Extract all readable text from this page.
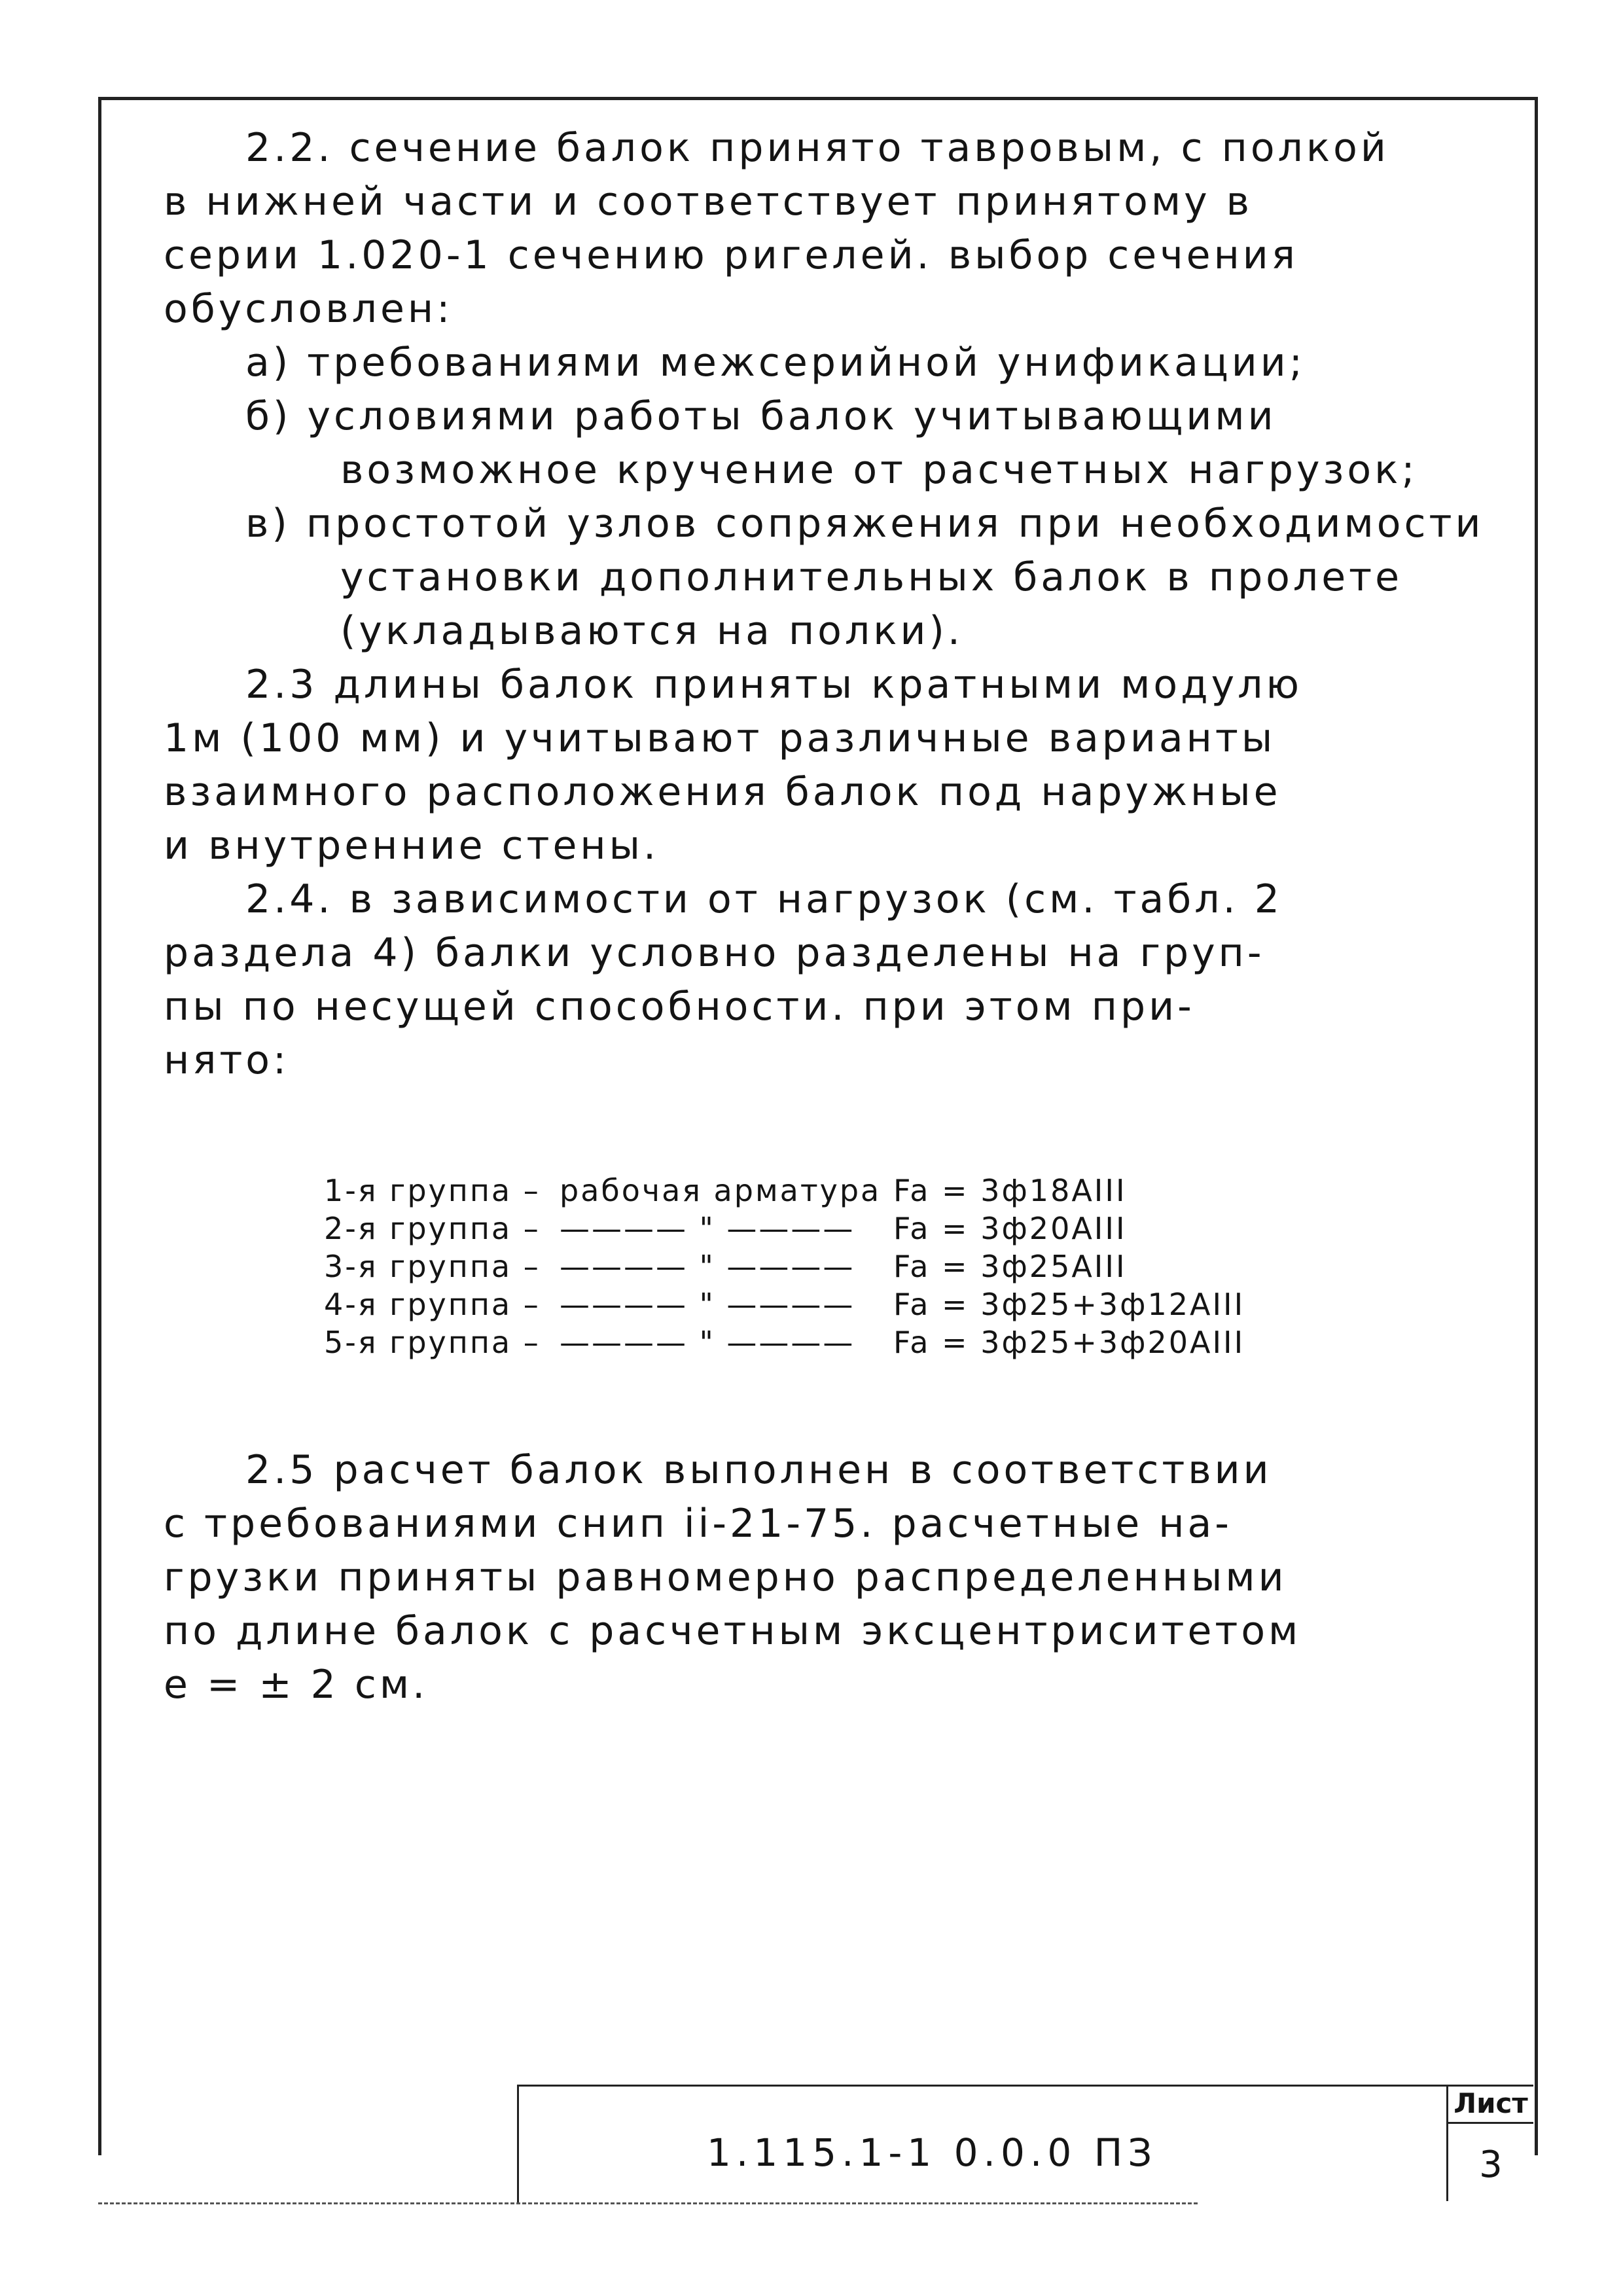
2.2. сечение балок принято тавровым, с полкой

в нижней части и соответствует принятому в

серии 1.020-1 сечению ригелей. выбор сечения

обусловлен:

а) требованиями межсерийной унификации;

б) условиями работы балок учитывающими возможное кручение от расчетных нагрузок;

в) простотой узлов сопряжения при необходимости установки дополнительных балок в пролете (укладываются на полки).

2.3 длины балок приняты кратными модулю

1м (100 мм) и учитывают различные варианты

взаимного расположения балок под наружные

и внутренние стены.

2.4. в зависимости от нагрузок (см. табл. 2

раздела 4) балки условно разделены на груп-

пы по несущей способности. при этом при-

нято:

1-я группа – рабочая арматура Fa = 3ф18АIII
2-я группа – ———— " ————	Fa = 3ф20АIII
3-я группа – ———— " ————	Fa = 3ф25АIII
4-я группа – ———— " ————	Fa = 3ф25+3ф12АIII
5-я группа – ———— " ————	Fa = 3ф25+3ф20АIII

2.5 расчет балок выполнен в соответствии

с требованиями снип ii-21-75. расчетные на-

грузки приняты равномерно распределенными

по длине балок с расчетным эксцентриситетом

е = ± 2 см.

1.115.1-1 0.0.0 ПЗ
Лист
3
